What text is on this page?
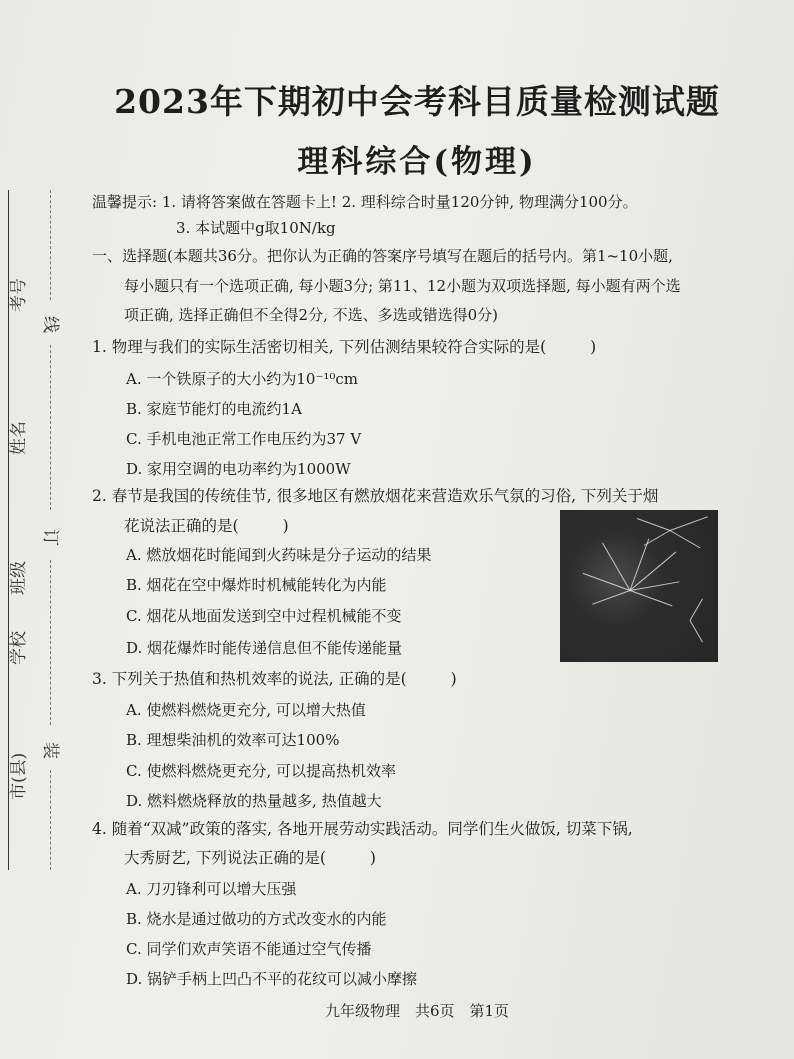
考号
姓名
班级
学校
市(县)
线
订
装
2023年下期初中会考科目质量检测试题
理科综合(物理)
温馨提示: 1. 请将答案做在答题卡上! 2. 理科综合时量120分钟, 物理满分100分。
3. 本试题中g取10N/kg
一、选择题(本题共36分。把你认为正确的答案序号填写在题后的括号内。第1~10小题,
每小题只有一个选项正确, 每小题3分; 第11、12小题为双项选择题, 每小题有两个选
项正确, 选择正确但不全得2分, 不选、多选或错选得0分)
1. 物理与我们的实际生活密切相关, 下列估测结果较符合实际的是(	)
A. 一个铁原子的大小约为10⁻¹⁰cm
B. 家庭节能灯的电流约1A
C. 手机电池正常工作电压约为37 V
D. 家用空调的电功率约为1000W
2. 春节是我国的传统佳节, 很多地区有燃放烟花来营造欢乐气氛的习俗, 下列关于烟
花说法正确的是(	)
A. 燃放烟花时能闻到火药味是分子运动的结果
B. 烟花在空中爆炸时机械能转化为内能
C. 烟花从地面发送到空中过程机械能不变
D. 烟花爆炸时能传递信息但不能传递能量
3. 下列关于热值和热机效率的说法, 正确的是(	)
A. 使燃料燃烧更充分, 可以增大热值
B. 理想柴油机的效率可达100%
C. 使燃料燃烧更充分, 可以提高热机效率
D. 燃料燃烧释放的热量越多, 热值越大
4. 随着“双减”政策的落实, 各地开展劳动实践活动。同学们生火做饭, 切菜下锅,
大秀厨艺, 下列说法正确的是(	)
A. 刀刃锋利可以增大压强
B. 烧水是通过做功的方式改变水的内能
C. 同学们欢声笑语不能通过空气传播
D. 锅铲手柄上凹凸不平的花纹可以减小摩擦
九年级物理　共6页　第1页
